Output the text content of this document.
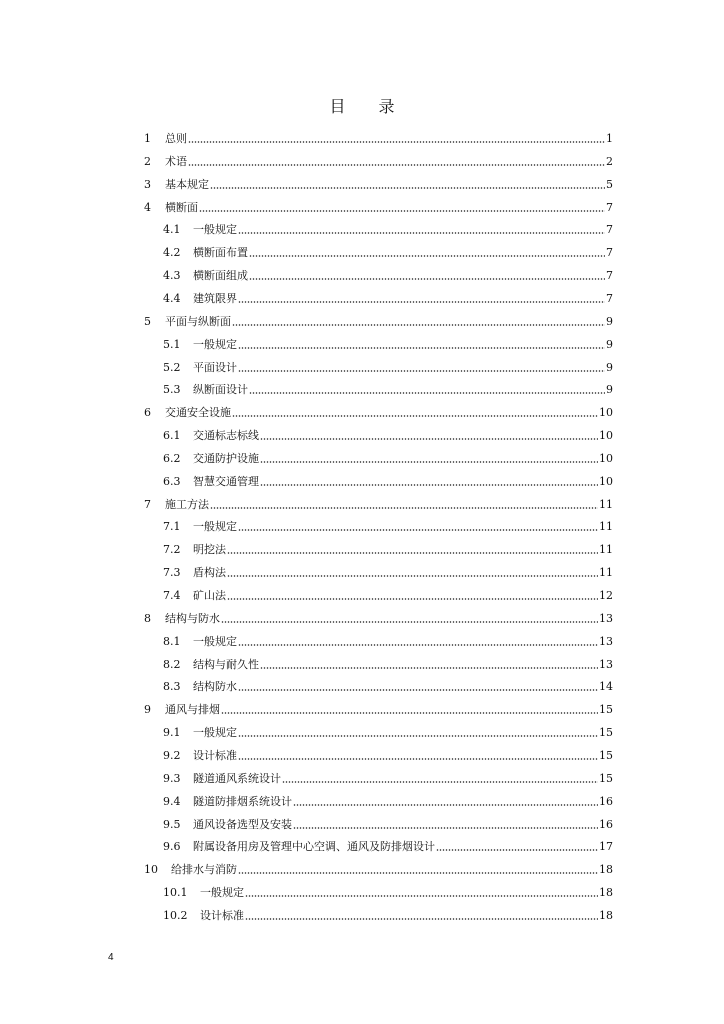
目 录
1	总则	1
2	术语	2
3	基本规定	5
4	横断面	7
4.1	一般规定	7
4.2	横断面布置	7
4.3	横断面组成	7
4.4	建筑限界	7
5	平面与纵断面	9
5.1	一般规定	9
5.2	平面设计	9
5.3	纵断面设计	9
6	交通安全设施	10
6.1	交通标志标线	10
6.2	交通防护设施	10
6.3	智慧交通管理	10
7	施工方法	11
7.1	一般规定	11
7.2	明挖法	11
7.3	盾构法	11
7.4	矿山法	12
8	结构与防水	13
8.1	一般规定	13
8.2	结构与耐久性	13
8.3	结构防水	14
9	通风与排烟	15
9.1	一般规定	15
9.2	设计标准	15
9.3	隧道通风系统设计	15
9.4	隧道防排烟系统设计	16
9.5	通风设备选型及安装	16
9.6	附属设备用房及管理中心空调、通风及防排烟设计	17
10	给排水与消防	18
10.1	一般规定	18
10.2	设计标准	18
4
